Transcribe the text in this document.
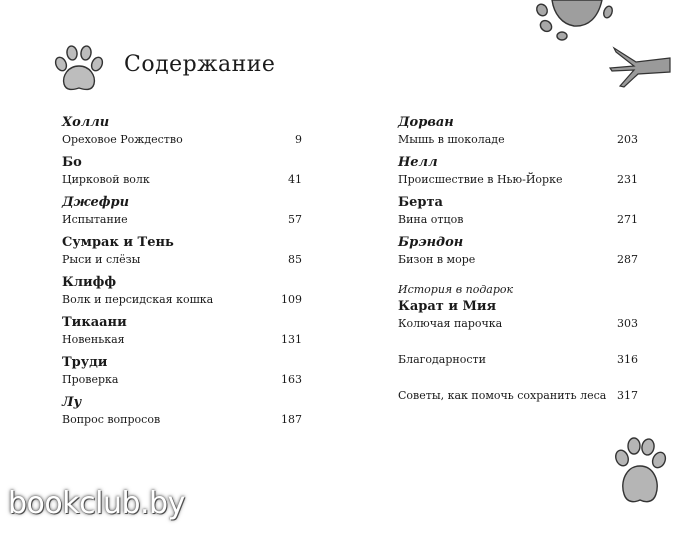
Содержание
Холли
Ореховое Рождество	9
Бо
Цирковой волк	41
Джефри
Испытание	57
Сумрак и Тень
Рыси и слёзы	85
Клифф
Волк и персидская кошка	109
Тикаани
Новенькая	131
Труди
Проверка	163
Лу
Вопрос вопросов	187
Дорван
Мышь в шоколаде	203
Нелл
Происшествие в Нью-Йорке	231
Берта
Вина отцов	271
Брэндон
Бизон в море	287
История в подарок
Карат и Мия
Колючая парочка	303
Благодарности	316
Советы, как помочь сохранить леса 317
bookclub.by
